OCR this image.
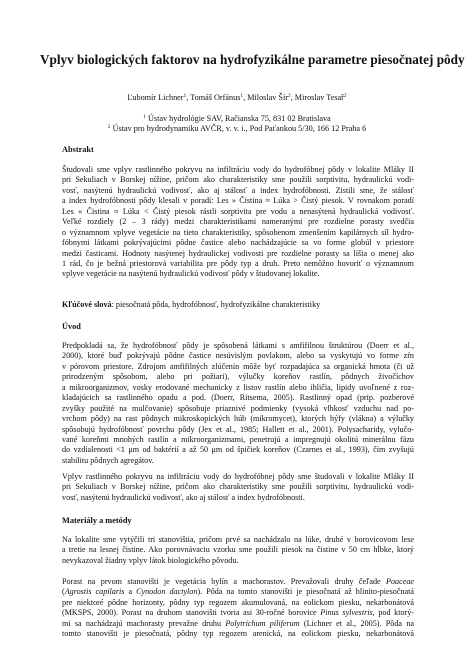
Vplyv biologických faktorov na hydrofyzikálne parametre piesočnatej pôdy
Ľubomír Lichner$^1$, Tomáš Orfánus$^1$, Miloslav Šír$^2$, Miroslav Tesař$^2$
$^1$ Ústav hydrológie SAV, Račianska 75, 831 02 Bratislava
$^2$ Ústav pro hydrodynamiku AVČR, v. v. i., Pod Paťankou 5/30, 166 12 Praha 6
Abstrakt
Študovali sme vplyv rastlinného pokryvu na infiltráciu vody do hydrofóbnej pôdy v lokalite Mláky II
pri Sekuliach v Borskej nížine, pričom ako charakteristiky sme použili sorptivitu, hydraulickú vodi-
vosť, nasýtenú hydraulickú vodivosť, ako aj stálosť a index hydrofóbnosti. Zistili sme, že stálosť
a index hydrofóbnosti pôdy klesali v poradí: Les » Čistina ≈ Lúka > Čistý piesok. V rovnakom poradí
Les « Čistina ≈ Lúka < Čistý piesok rástli sorptivita pre vodu a nenasýtená hydraulická vodivosť.
Veľké rozdiely (2 – 3 rády) medzi charakteristikami nameranými pre rozdielne porasty svedčia
o významnom vplyve vegetácie na tieto charakteristiky, spôsobenom zmenšením kapilárnych síl hydro-
fóbnymi látkami pokrývajúcimi pôdne častice alebo nachádzajúcie sa vo forme globúl v priestore
medzi časticami. Hodnoty nasýtenej hydraulickej vodivosti pre rozdielne porasty sa líšia o menej ako
1 rád, čo je bežná priestorová variabilita pre pôdy typ a druh. Preto nemôžno hovoriť o významnom
vplyve vegetácie na nasýtenú hydraulickú vodivosť pôdy v študovanej lokalite.
Kľúčové slová: piesočnatá pôda, hydrofóbnosť, hydrofyzikálne charakteristiky
Úvod
Predpokladá sa, že hydrofóbnosť pôdy je spôsobená látkami s amfifilnou štruktúrou (Doerr et al.,
2000), ktoré buď pokrývajú pôdne častice nesúvislým povlakom, alebo sa vyskytujú vo forme zŕn
v pórovom priestore. Zdrojom amfifilných zlúčenín môže byť rozpadajúca sa organická hmota (či už
prirodzeným spôsobom, alebo pri požiari), výlučky koreňov rastlín, pôdnych živočíchov
a mikroorganizmov, vosky erodované mechanicky z listov rastlín alebo ihličia, lipidy uvoľnené z roz-
kladajúcich sa rastlinného opadu a pod. (Doerr, Ritsema, 2005). Rastlinný opad (prip. pozberové
zvyšky použité na mulčovanie) spôsobuje priaznivé podmienky (vysoká vlhkosť vzduchu nad po-
vrchom pôdy) na rast pôdnych mikroskopických húb (mikromycet), ktorých hýfy (vlákna) a výlučky
spôsobujú hydrofóbnosť povrchu pôdy (Jex et al., 1985; Hallett et al., 2001). Polysacharidy, vylučo-
vané koreňmi mnohých rastlín a mikroorganizmami, penetrujú a impregnujú okolitú minerálnu fázu
do vzdialenosti <1 μm od baktérií a až 50 μm od špičiek koreňov (Czarnes et al., 1993), čím zvyšujú
stabilitu pôdnych agregátov.
Vplyv rastlinného pokryvu na infiltráciu vody do hydrofóbnej pôdy sme študovali v lokalite Mláky II
pri Sekuliach v Borskej nížine, pričom ako charakteristiky sme použili sorptivitu, hydraulickú vodi-
vosť, nasýtenú hydraulickú vodivosť, ako aj stálosť a index hydrofóbnosti.
Materiály a metódy
Na lokalite sme vytýčili tri stanovištia, pričom prvé sa nachádzalo na lúke, druhé v borovicovom lese
a tretie na lesnej čistine. Ako porovnávaciu vzorku sme použili piesok na čistine v 50 cm hĺbke, ktorý
nevykazoval žiadny vplyv látok biologického pôvodu.
Porast na prvom stanovišti je vegetácia bylín a machorastov. Prevažovali druhy čeľade Poaceae
(Agrostis capilaris a Cynodon dactylon). Pôda na tomto stanovišti je piesočnatá až hlinito-piesočnatá
pre niektoré pôdne horizonty, pôdny typ regozem akumulovaná, na eolickom piesku, nekarbonátová
(MKSPS, 2000). Porast na druhom stanovišti tvoria asi 30-ročné borovice Pinus sylvestris, pod ktorý-
mi sa nachádzajú machorasty prevažne druhu Polytrichum piliferum (Lichner et al., 2005). Pôda na
tomto stanovišti je piesočnatá, pôdny typ regozem arenická, na eolickom piesku, nekarbonátová
